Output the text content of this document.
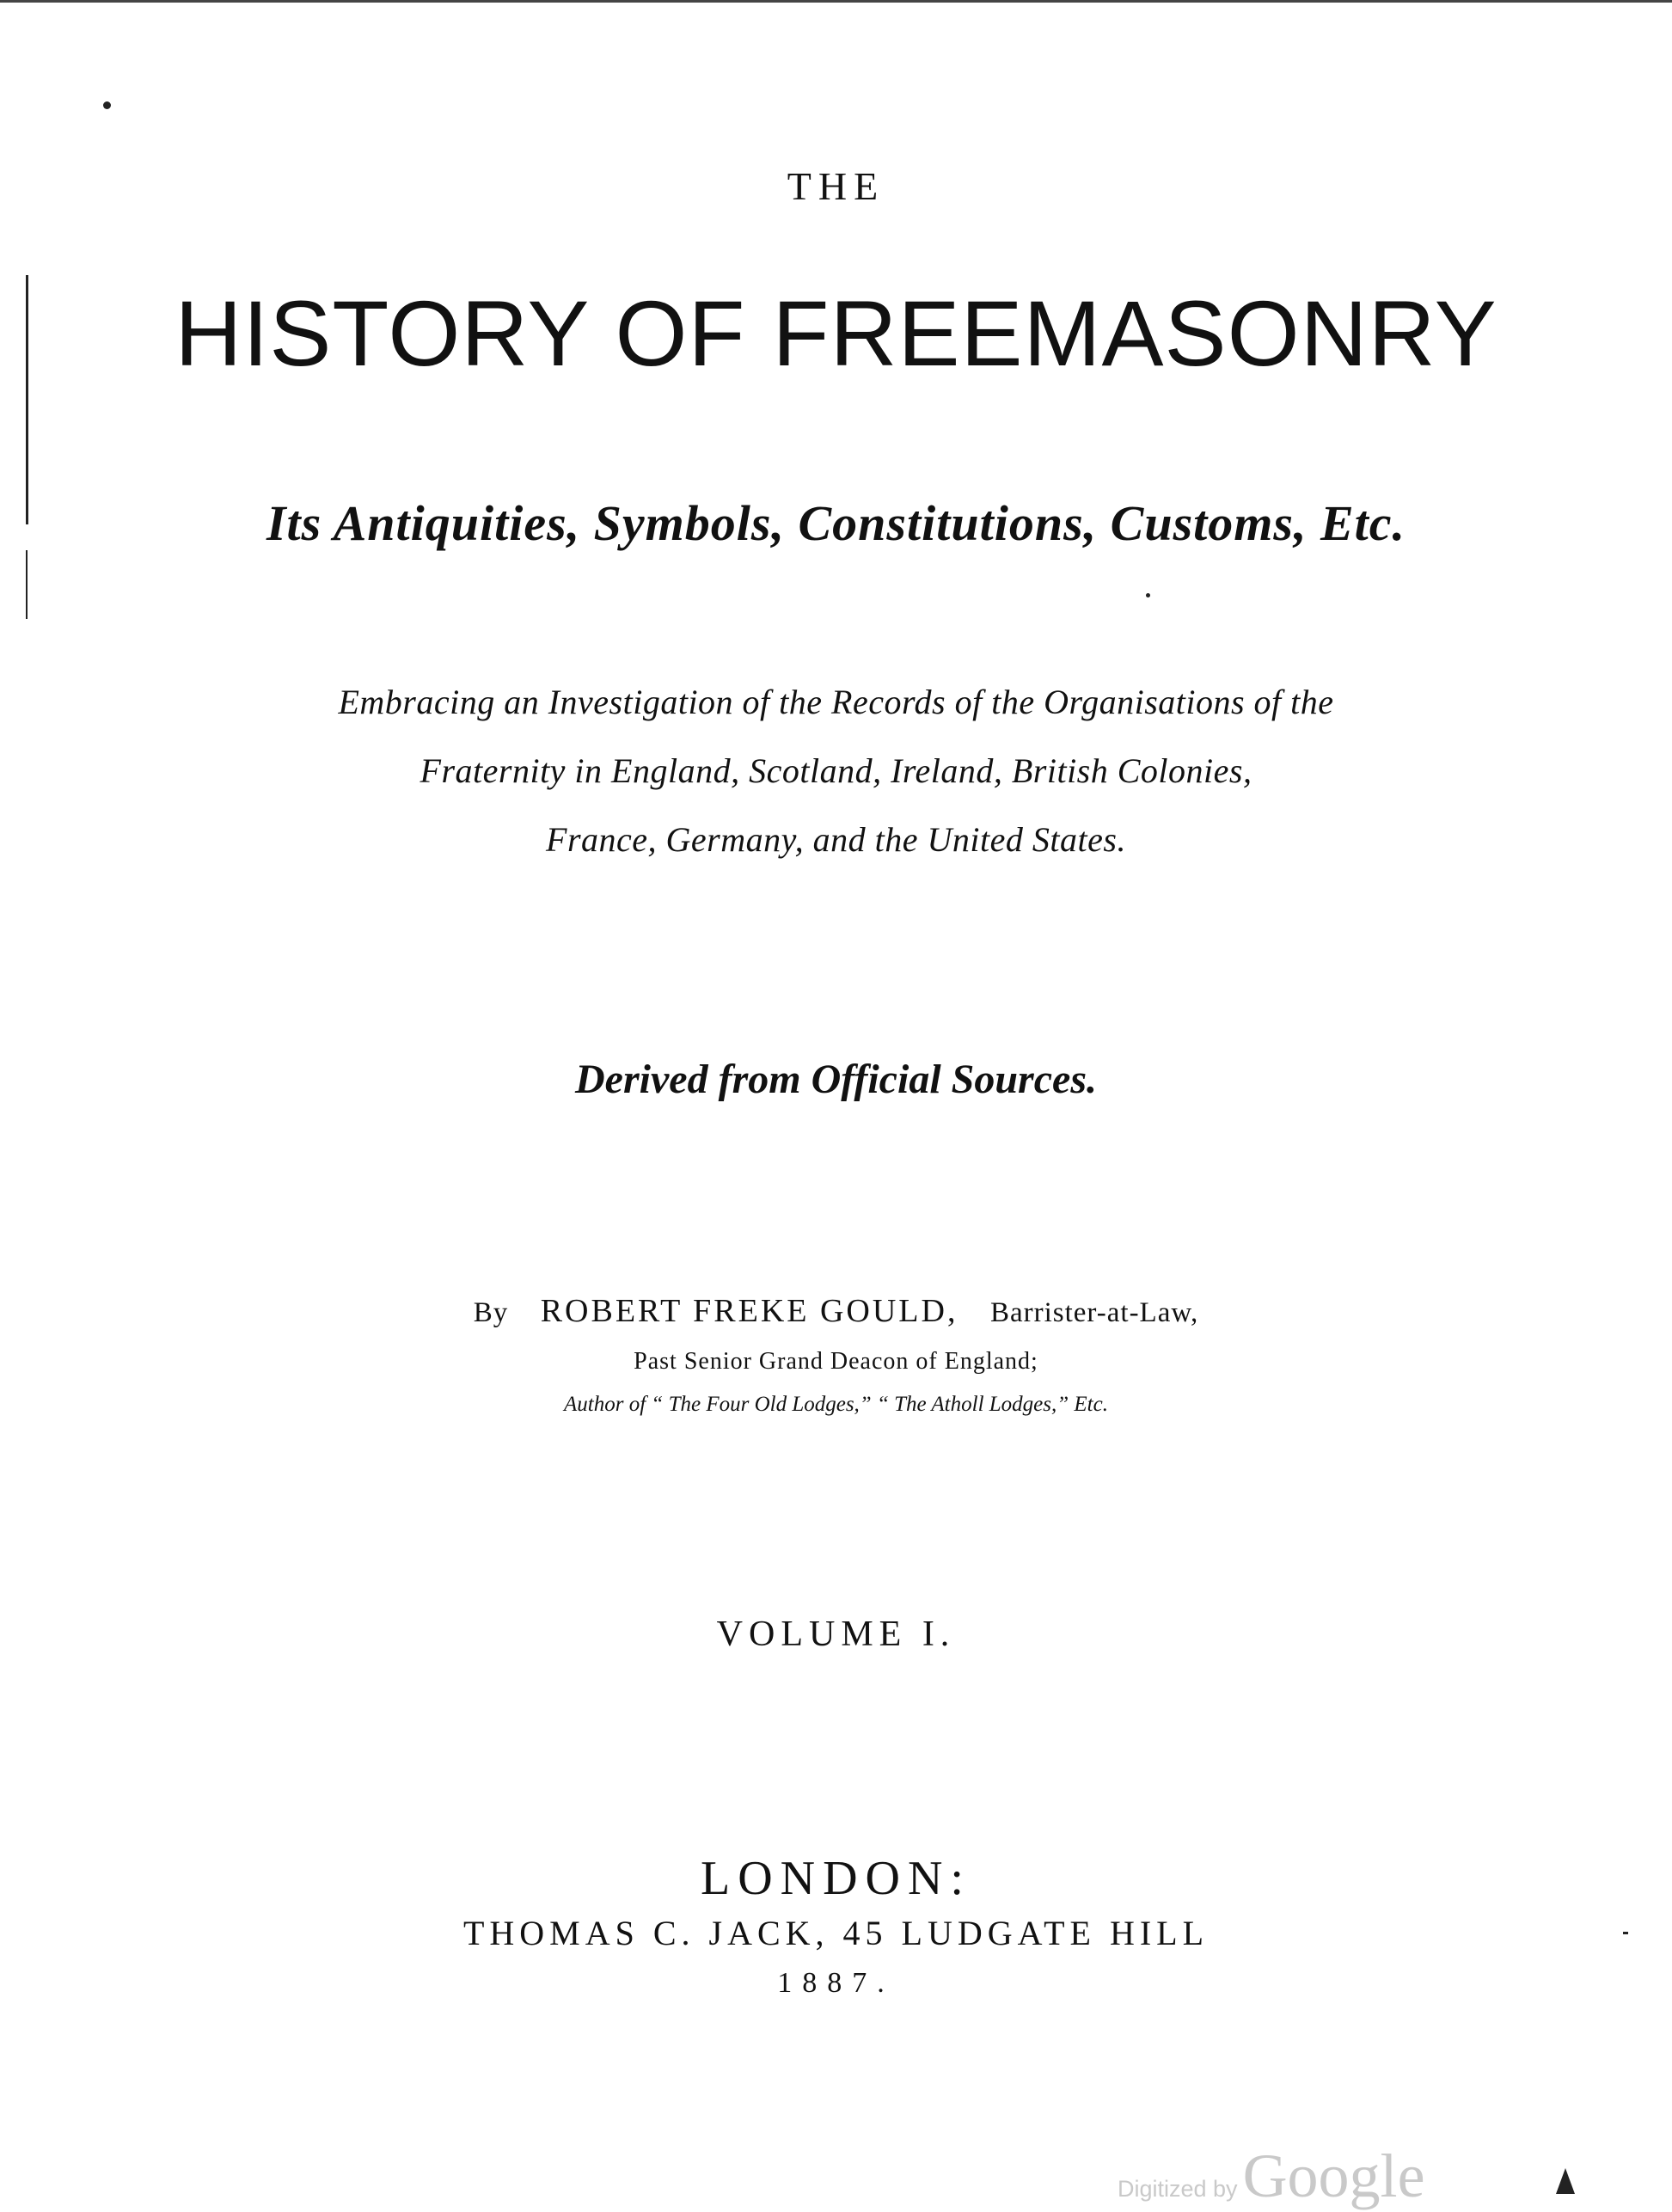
THE
HISTORY OF FREEMASONRY
Its Antiquities, Symbols, Constitutions, Customs, Etc.
Embracing an Investigation of the Records of the Organisations of the
Fraternity in England, Scotland, Ireland, British Colonies,
France, Germany, and the United States.
Derived from Official Sources.
By ROBERT FREKE GOULD, Barrister-at-Law,
Past Senior Grand Deacon of England;
Author of “ The Four Old Lodges,” “ The Atholl Lodges,” Etc.
VOLUME I.
LONDON:
THOMAS C. JACK, 45 LUDGATE HILL
1887.
Digitized byGoogle
